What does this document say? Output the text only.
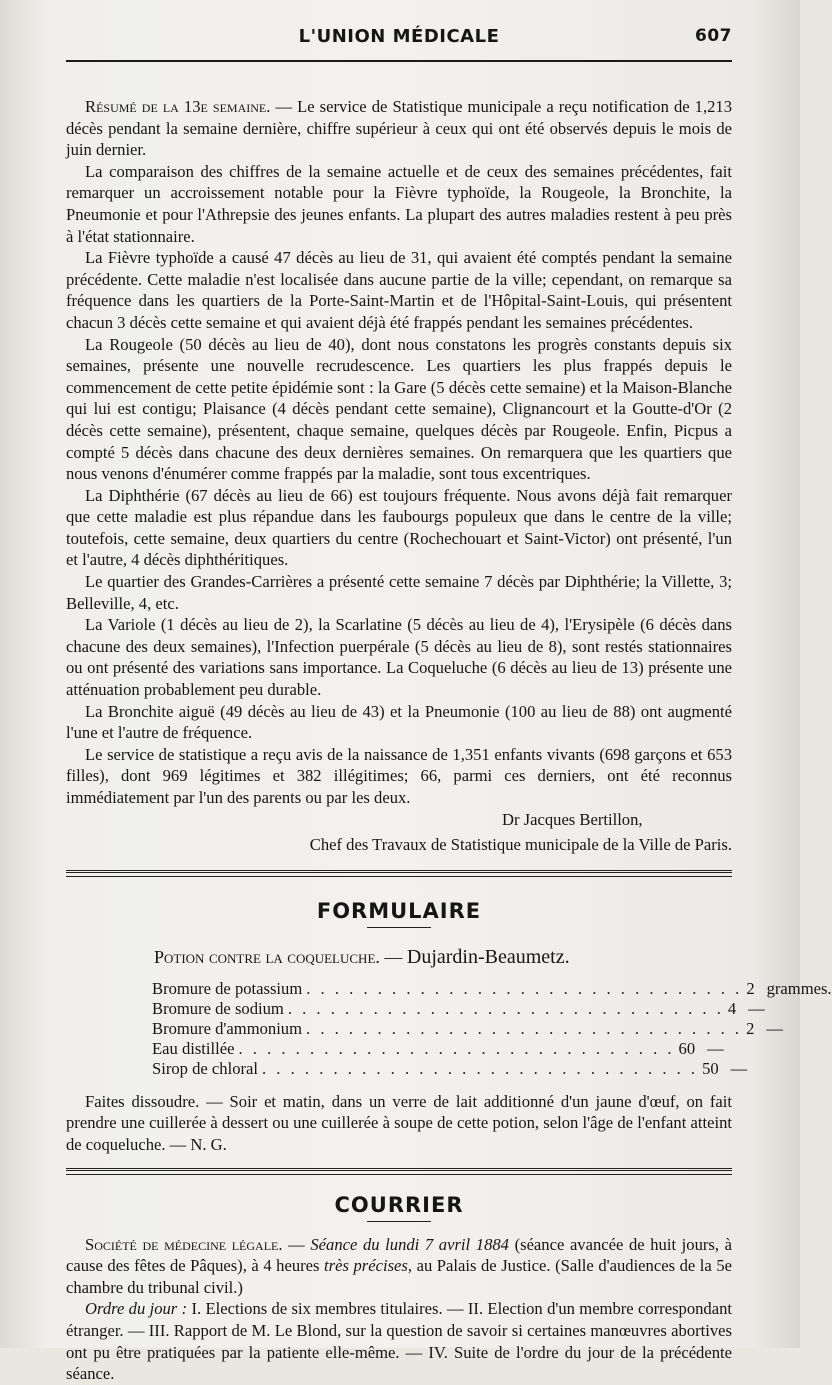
L'UNION MÉDICALE	607

Résumé de la 13e semaine. — Le service de Statistique municipale a reçu notification de 1,213 décès pendant la semaine dernière, chiffre supérieur à ceux qui ont été observés depuis le mois de juin dernier.

La comparaison des chiffres de la semaine actuelle et de ceux des semaines précédentes, fait remarquer un accroissement notable pour la Fièvre typhoïde, la Rougeole, la Bronchite, la Pneumonie et pour l'Athrepsie des jeunes enfants. La plupart des autres maladies restent à peu près à l'état stationnaire.

La Fièvre typhoïde a causé 47 décès au lieu de 31, qui avaient été comptés pendant la semaine précédente. Cette maladie n'est localisée dans aucune partie de la ville; cependant, on remarque sa fréquence dans les quartiers de la Porte-Saint-Martin et de l'Hôpital-Saint-Louis, qui présentent chacun 3 décès cette semaine et qui avaient déjà été frappés pendant les semaines précédentes.

La Rougeole (50 décès au lieu de 40), dont nous constatons les progrès constants depuis six semaines, présente une nouvelle recrudescence. Les quartiers les plus frappés depuis le commencement de cette petite épidémie sont : la Gare (5 décès cette semaine) et la Maison-Blanche qui lui est contigu; Plaisance (4 décès pendant cette semaine), Clignancourt et la Goutte-d'Or (2 décès cette semaine), présentent, chaque semaine, quelques décès par Rougeole. Enfin, Picpus a compté 5 décès dans chacune des deux dernières semaines. On remarquera que les quartiers que nous venons d'énumérer comme frappés par la maladie, sont tous excentriques.

La Diphthérie (67 décès au lieu de 66) est toujours fréquente. Nous avons déjà fait remarquer que cette maladie est plus répandue dans les faubourgs populeux que dans le centre de la ville; toutefois, cette semaine, deux quartiers du centre (Rochechouart et Saint-Victor) ont présenté, l'un et l'autre, 4 décès diphthéritiques.

Le quartier des Grandes-Carrières a présenté cette semaine 7 décès par Diphthérie; la Villette, 3; Belleville, 4, etc.

La Variole (1 décès au lieu de 2), la Scarlatine (5 décès au lieu de 4), l'Erysipèle (6 décès dans chacune des deux semaines), l'Infection puerpérale (5 décès au lieu de 8), sont restés stationnaires ou ont présenté des variations sans importance. La Coqueluche (6 décès au lieu de 13) présente une atténuation probablement peu durable.

La Bronchite aiguë (49 décès au lieu de 43) et la Pneumonie (100 au lieu de 88) ont augmenté l'une et l'autre de fréquence.

Le service de statistique a reçu avis de la naissance de 1,351 enfants vivants (698 garçons et 653 filles), dont 969 légitimes et 382 illégitimes; 66, parmi ces derniers, ont été reconnus immédiatement par l'un des parents ou par les deux.

Dr Jacques Bertillon,

Chef des Travaux de Statistique municipale de la Ville de Paris.

FORMULAIRE
Potion contre la coqueluche. — Dujardin-Beaumetz.
Bromure de potassium . . . . . . . . . . . . . . . . . . . . . . . . . . . . . . . 2 grammes.
Bromure de sodium . . . . . . . . . . . . . . . . . . . . . . . . . . . . . . . 4 —
Bromure d'ammonium . . . . . . . . . . . . . . . . . . . . . . . . . . . . . . . 2 —
Eau distillée . . . . . . . . . . . . . . . . . . . . . . . . . . . . . . . 60 —
Sirop de chloral . . . . . . . . . . . . . . . . . . . . . . . . . . . . . . . 50 —

Faites dissoudre. — Soir et matin, dans un verre de lait additionné d'un jaune d'œuf, on fait prendre une cuillerée à dessert ou une cuillerée à soupe de cette potion, selon l'âge de l'enfant atteint de coqueluche. — N. G.

COURRIER

Société de médecine légale. — Séance du lundi 7 avril 1884 (séance avancée de huit jours, à cause des fêtes de Pâques), à 4 heures très précises, au Palais de Justice. (Salle d'audiences de la 5e chambre du tribunal civil.)

Ordre du jour : I. Elections de six membres titulaires. — II. Election d'un membre correspondant étranger. — III. Rapport de M. Le Blond, sur la question de savoir si certaines manœuvres abortives ont pu être pratiquées par la patiente elle-même. — IV. Suite de l'ordre du jour de la précédente séance.
